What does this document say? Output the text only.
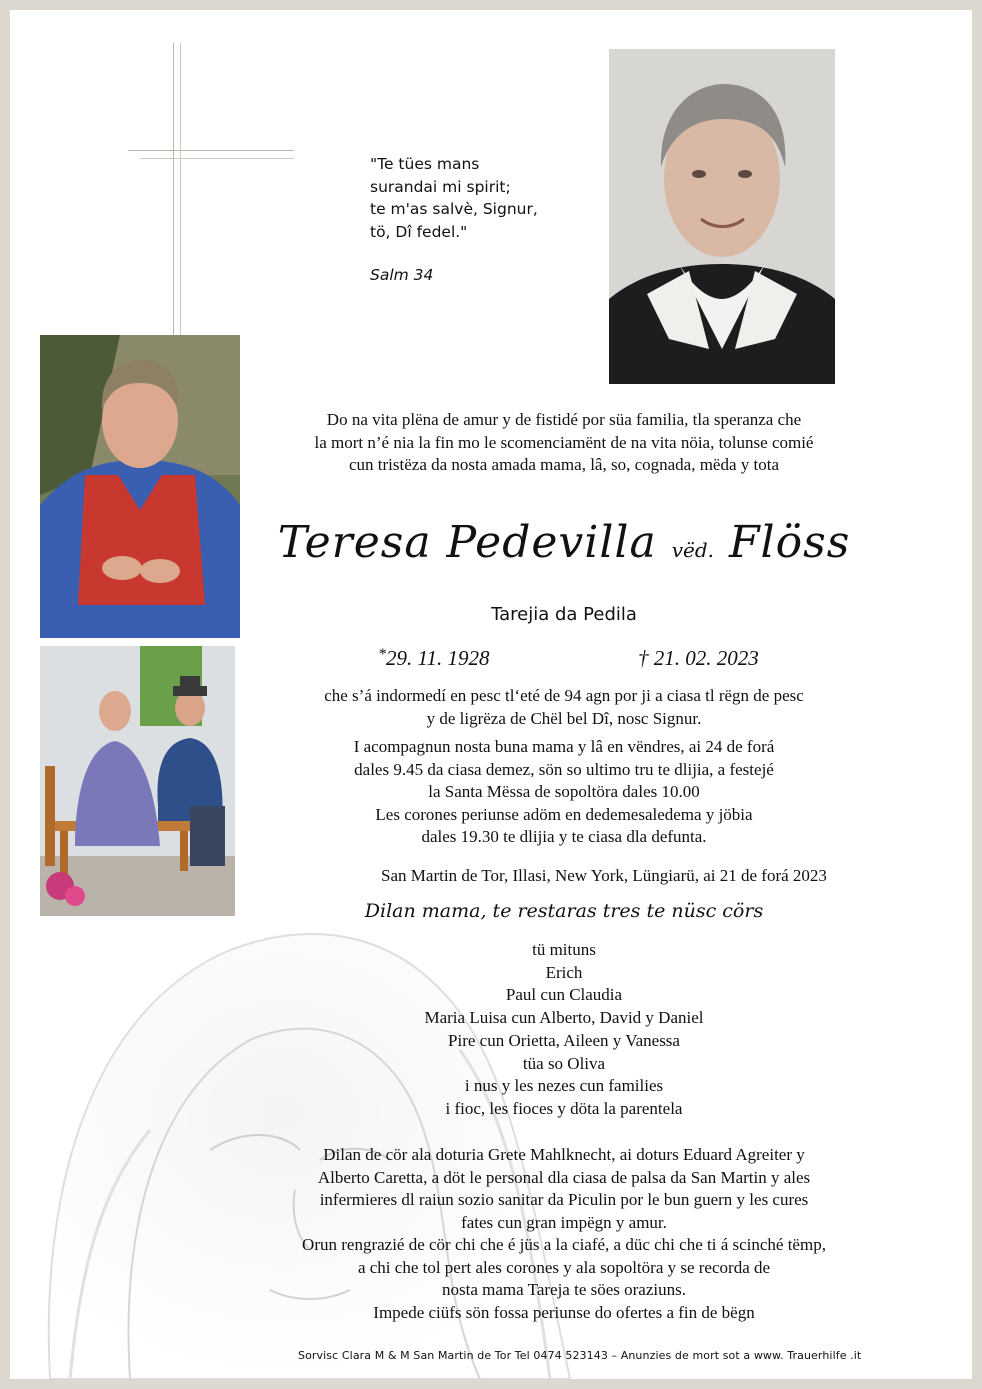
"Te tües mans
surandai mi spirit;
te m'as salvè, Signur,
tö, Dî fedel."
Salm 34
Do na vita plëna de amur y de fistidé por süa familia, tla speranza che
la mort n’é nia la fin mo le scomenciamënt de na vita nöia, tolunse comié
cun tristëza da nosta amada mama, lâ, so, cognada, mëda y tota
Teresa Pedevilla vëd. Flöss
Tarejia da Pedila
*29. 11. 1928	† 21. 02. 2023

che s’á indormedí en pesc tl‘eté de 94 agn por ji a ciasa tl rëgn de pesc

y de ligrëza de Chël bel Dî, nosc Signur.

I acompagnun nosta buna mama y lâ en vëndres, ai 24 de forá

dales 9.45 da ciasa demez, sön so ultimo tru te dlijia, a festejé

la Santa Mëssa de sopoltöra dales 10.00

Les corones periunse adöm en dedemesaledema y jöbia

dales 19.30 te dlijia y te ciasa dla defunta.

San Martin de Tor, Illasi, New York, Lüngiarü, ai 21 de forá 2023
Dilan mama, te restaras tres te nüsc cörs
tü mituns
Erich
Paul cun Claudia
Maria Luisa cun Alberto, David y Daniel
Pire cun Orietta, Aileen y Vanessa
tüa so Oliva
i nus y les nezes cun families
i fioc, les fioces y döta la parentela
Dilan de cör ala doturia Grete Mahlknecht, ai doturs Eduard Agreiter y
Alberto Caretta, a döt le personal dla ciasa de palsa da San Martin y ales
infermieres dl raiun sozio sanitar da Piculin por le bun guern y les cures
fates cun gran impëgn y amur.
Orun rengrazié de cör chi che é jüs a la ciafé, a düc chi che ti á scinché tëmp,
a chi che tol pert ales corones y ala sopoltöra y se recorda de
nosta mama Tareja te söes oraziuns.
Impede ciüfs sön fossa periunse do ofertes a fin de bëgn
Sorvisc Clara M & M San Martin de Tor Tel 0474 523143 – Anunzies de mort sot a www. Trauerhilfe .it
